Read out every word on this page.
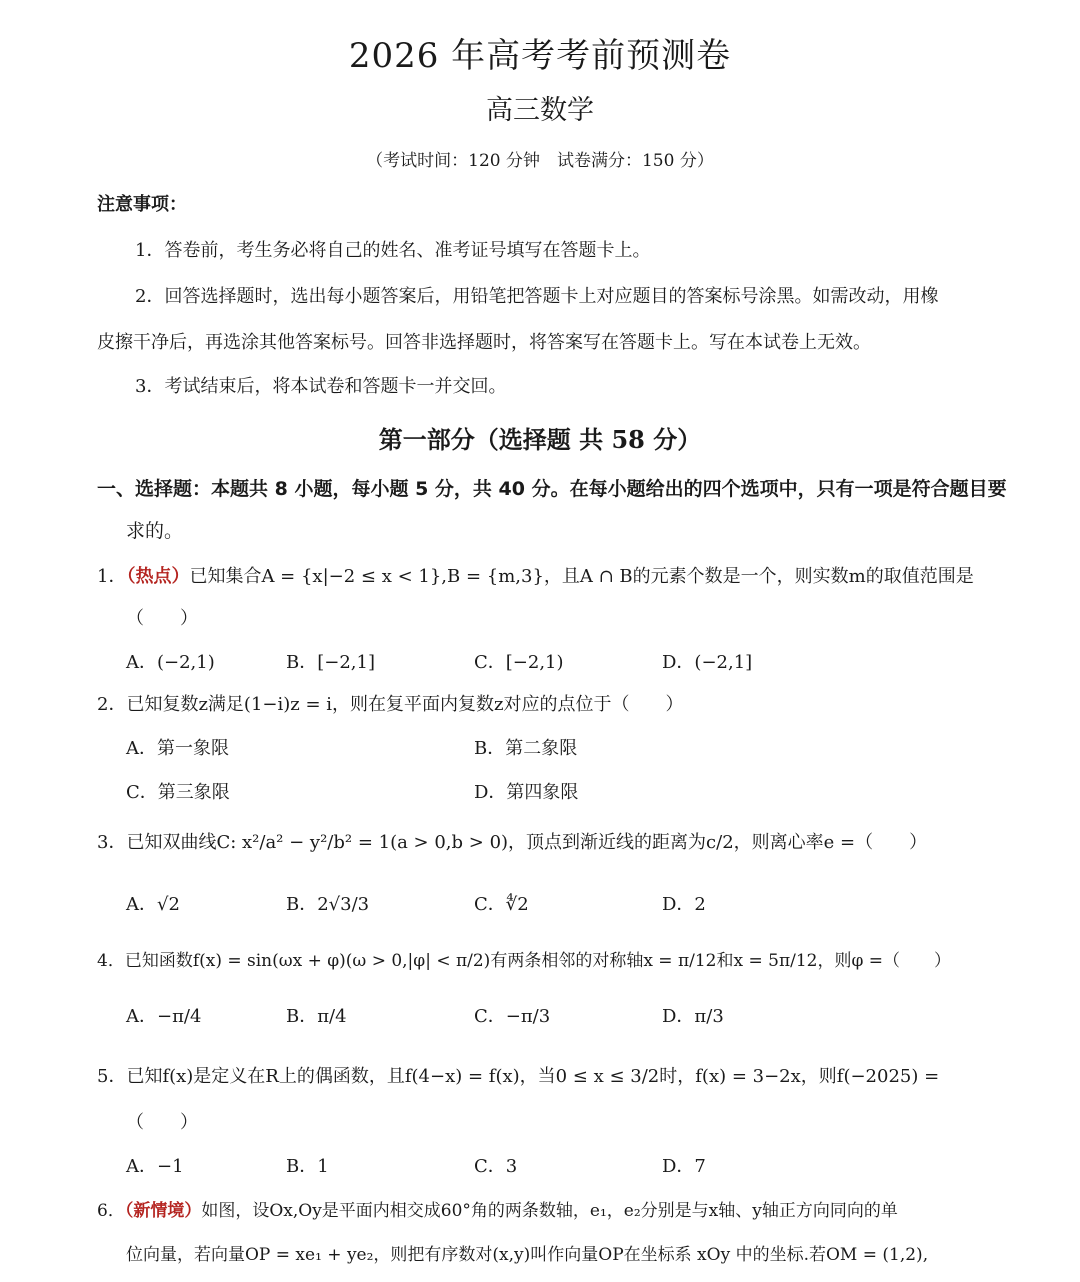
2026 年高考考前预测卷
高三数学
（考试时间：120 分钟　试卷满分：150 分）
注意事项：
1．答卷前，考生务必将自己的姓名、准考证号填写在答题卡上。
2．回答选择题时，选出每小题答案后，用铅笔把答题卡上对应题目的答案标号涂黑。如需改动，用橡
皮擦干净后，再选涂其他答案标号。回答非选择题时，将答案写在答题卡上。写在本试卷上无效。
3．考试结束后，将本试卷和答题卡一并交回。
第一部分（选择题 共 58 分）
一、选择题：本题共 8 小题，每小题 5 分，共 40 分。在每小题给出的四个选项中，只有一项是符合题目要
求的。
1．（热点）已知集合A = {x|−2 ≤ x < 1},B = {m,3}，且A ∩ B的元素个数是一个，则实数m的取值范围是
（　　）
A．(−2,1)	B．[−2,1]	C．[−2,1)	D．(−2,1]
2．已知复数z满足(1−i)z = i，则在复平面内复数z对应的点位于（　　）
A．第一象限	B．第二象限
C．第三象限	D．第四象限
3．已知双曲线C: x²/a² − y²/b² = 1(a > 0,b > 0)，顶点到渐近线的距离为c/2，则离心率e =（　　）
A．√2	B．2√3/3	C．∜2	D．2
4．已知函数f(x) = sin(ωx + φ)(ω > 0,|φ| < π/2)有两条相邻的对称轴x = π/12和x = 5π/12，则φ =（　　）
A．−π/4	B．π/4	C．−π/3	D．π/3
5．已知f(x)是定义在R上的偶函数，且f(4−x) = f(x)，当0 ≤ x ≤ 3/2时，f(x) = 3−2x，则f(−2025) =
（　　）
A．−1	B．1	C．3	D．7
6．（新情境）如图，设Ox,Oy是平面内相交成60°角的两条数轴，e₁，e₂分别是与x轴、y轴正方向同向的单
位向量，若向量OP = xe₁ + ye₂，则把有序数对(x,y)叫作向量OP在坐标系 xOy 中的坐标.若OM = (1,2),
